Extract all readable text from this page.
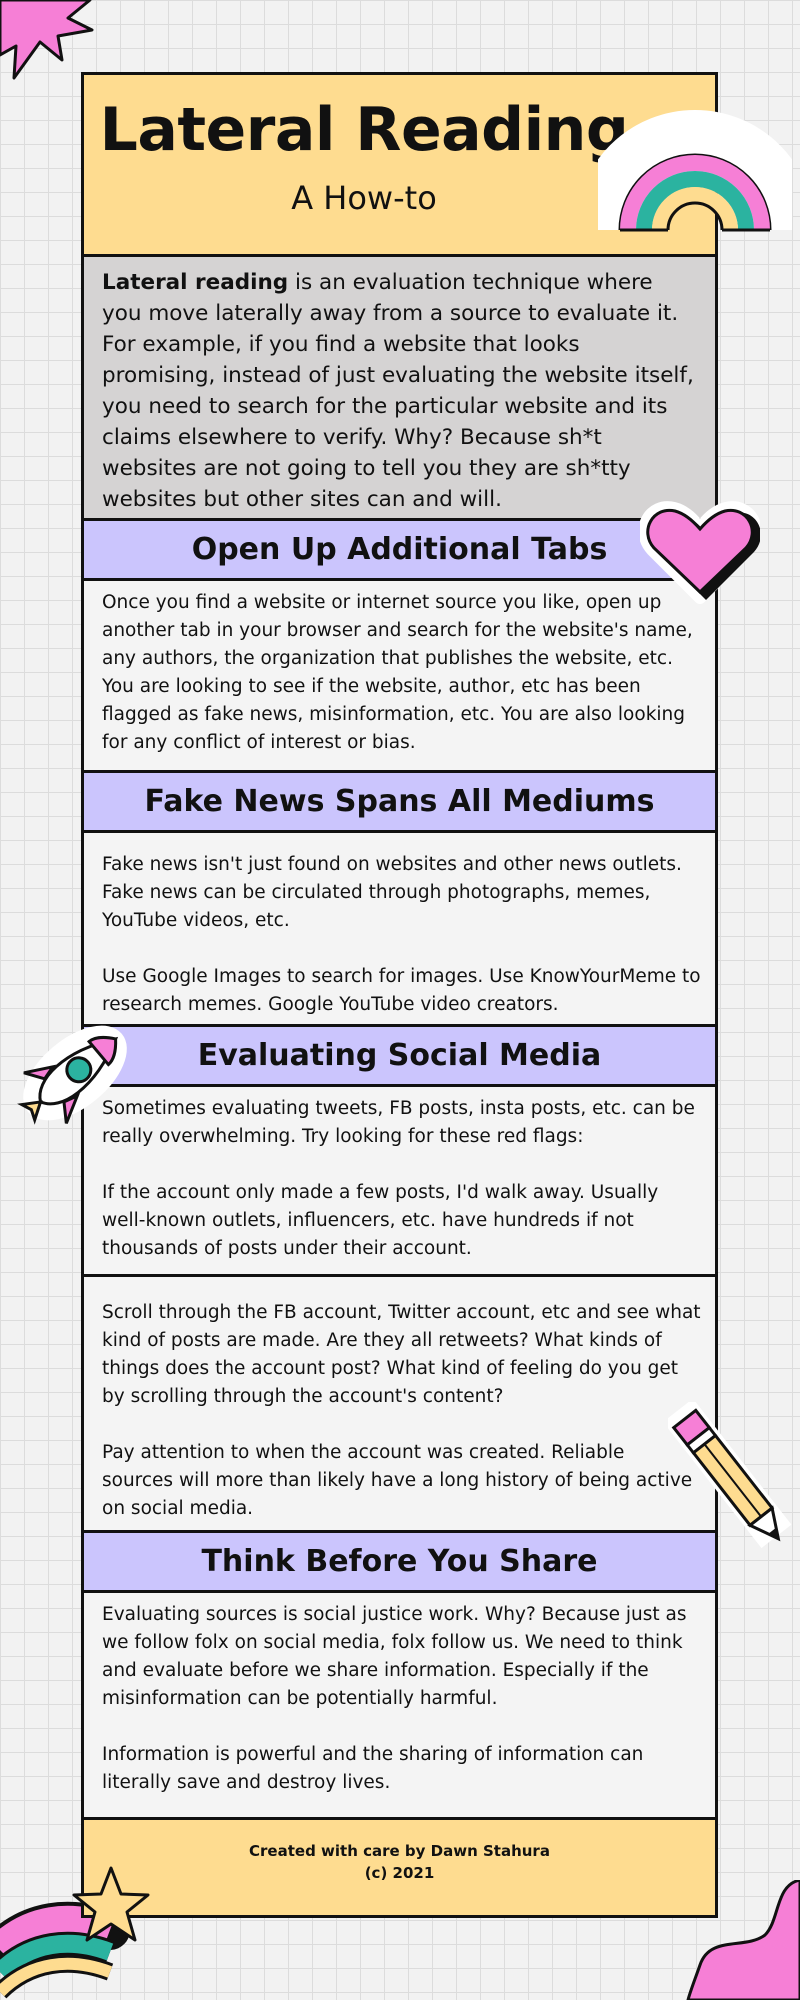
Lateral Reading
A How-to

Lateral reading is an evaluation technique where you move laterally away from a source to evaluate it. For example, if you find a website that looks promising, instead of just evaluating the website itself, you need to search for the particular website and its claims elsewhere to verify. Why? Because sh*t websites are not going to tell you they are sh*tty websites but other sites can and will.

Open Up Additional Tabs

Once you find a website or internet source you like, open up another tab in your browser and search for the website's name, any authors, the organization that publishes the website, etc. You are looking to see if the website, author, etc has been flagged as fake news, misinformation, etc. You are also looking for any conflict of interest or bias.

Fake News Spans All Mediums

Fake news isn't just found on websites and other news outlets. Fake news can be circulated through photographs, memes, YouTube videos, etc.

Use Google Images to search for images. Use KnowYourMeme to research memes. Google YouTube video creators.

Evaluating Social Media

Sometimes evaluating tweets, FB posts, insta posts, etc. can be really overwhelming. Try looking for these red flags:

If the account only made a few posts, I'd walk away. Usually well-known outlets, influencers, etc. have hundreds if not thousands of posts under their account.

Scroll through the FB account, Twitter account, etc and see what kind of posts are made. Are they all retweets? What kinds of things does the account post? What kind of feeling do you get by scrolling through the account's content?

Pay attention to when the account was created. Reliable sources will more than likely have a long history of being active on social media.

Think Before You Share

Evaluating sources is social justice work. Why? Because just as we follow folx on social media, folx follow us. We need to think and evaluate before we share information. Especially if the misinformation can be potentially harmful.

Information is powerful and the sharing of information can literally save and destroy lives.

Created with care by Dawn Stahura
(c) 2021
